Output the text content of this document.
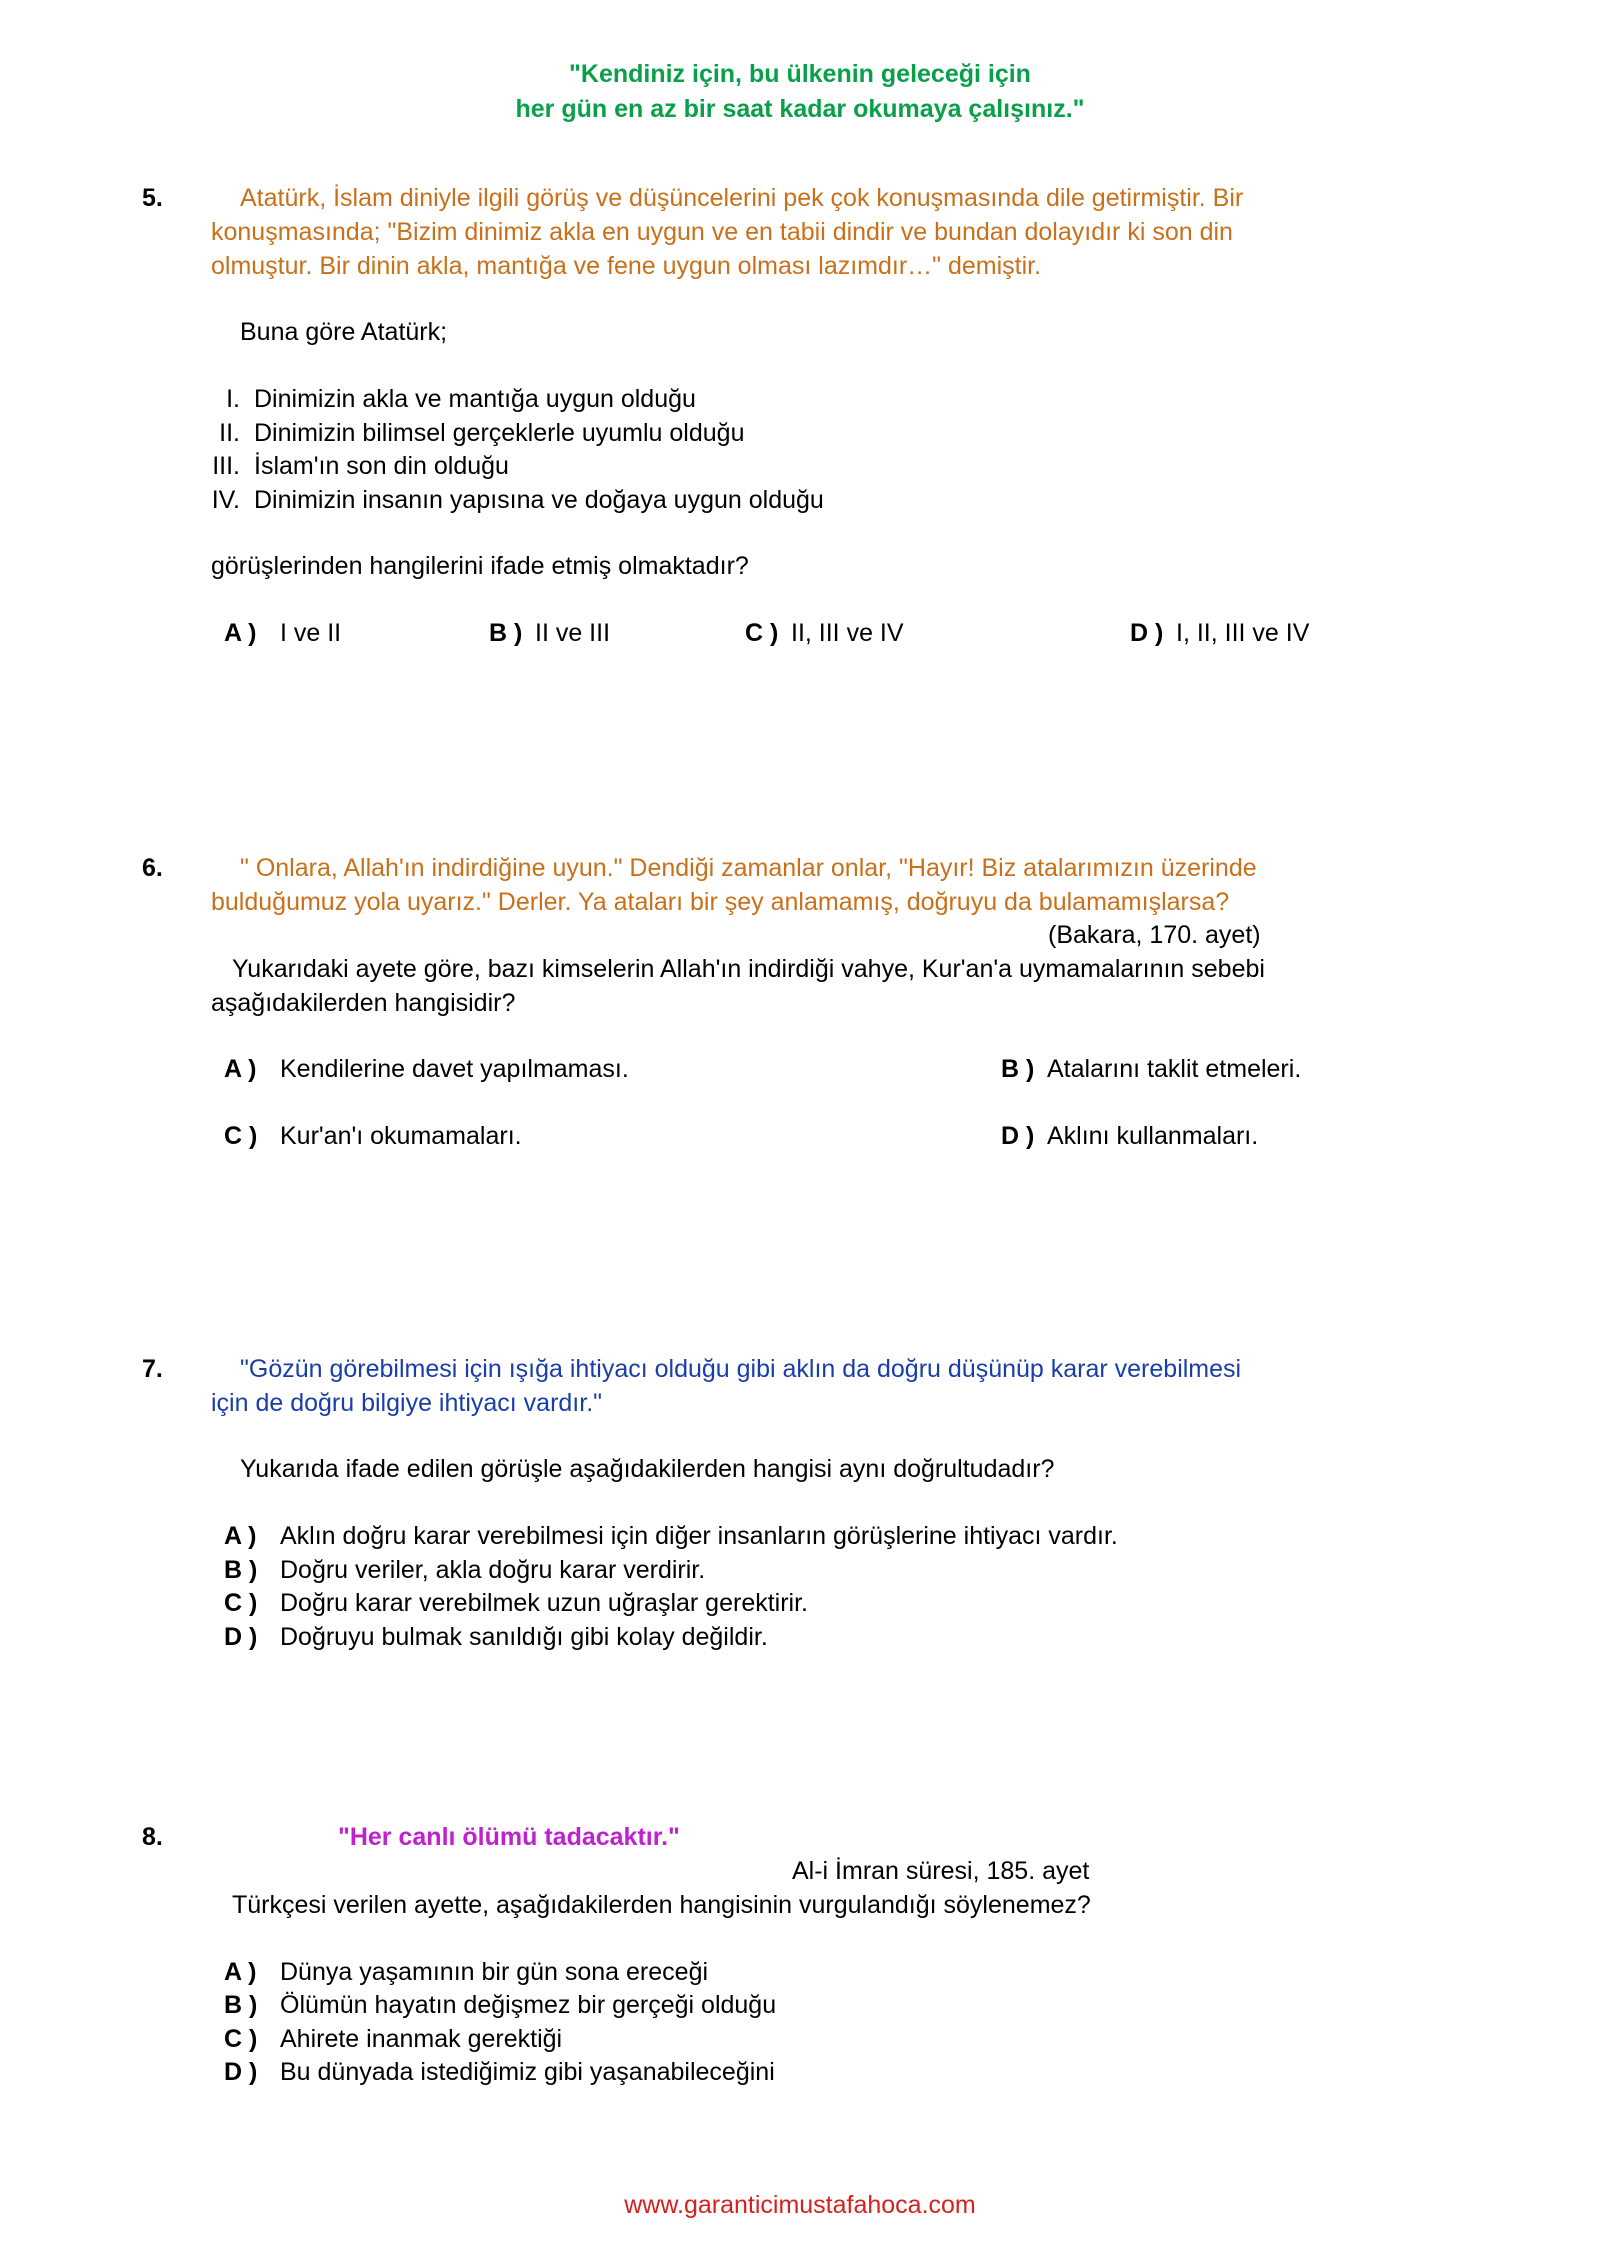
"Kendiniz için, bu ülkenin geleceği için
her gün en az bir saat kadar okumaya çalışınız."
5.	Atatürk, İslam diniyle ilgili görüş ve düşüncelerini pek çok konuşmasında dile getirmiştir. Bir
konuşmasında; "Bizim dinimiz akla en uygun ve en tabii dindir ve bundan dolayıdır ki son din
olmuştur. Bir dinin akla, mantığa ve fene uygun olması lazımdır…" demiştir.
Buna göre Atatürk;
I. Dinimizin akla ve mantığa uygun olduğu
II. Dinimizin bilimsel gerçeklerle uyumlu olduğu
III. İslam'ın son din olduğu
IV. Dinimizin insanın yapısına ve doğaya uygun olduğu
görüşlerinden hangilerini ifade etmiş olmaktadır?
A ) I ve II	B ) II ve III	C ) II, III ve IV	D ) I, II, III ve IV
6.	" Onlara, Allah'ın indirdiğine uyun." Dendiği zamanlar onlar, "Hayır! Biz atalarımızın üzerinde
bulduğumuz yola uyarız." Derler. Ya ataları bir şey anlamamış, doğruyu da bulamamışlarsa?
(Bakara, 170. ayet)
Yukarıdaki ayete göre, bazı kimselerin Allah'ın indirdiği vahye, Kur'an'a uymamalarının sebebi
aşağıdakilerden hangisidir?
A ) Kendilerine davet yapılmaması.	B ) Atalarını taklit etmeleri.
C ) Kur'an'ı okumamaları.	D ) Aklını kullanmaları.
7.	"Gözün görebilmesi için ışığa ihtiyacı olduğu gibi aklın da doğru düşünüp karar verebilmesi
için de doğru bilgiye ihtiyacı vardır."
Yukarıda ifade edilen görüşle aşağıdakilerden hangisi aynı doğrultudadır?
A ) Aklın doğru karar verebilmesi için diğer insanların görüşlerine ihtiyacı vardır.
B ) Doğru veriler, akla doğru karar verdirir.
C ) Doğru karar verebilmek uzun uğraşlar gerektirir.
D ) Doğruyu bulmak sanıldığı gibi kolay değildir.
8.	"Her canlı ölümü tadacaktır."
Al-i İmran süresi, 185. ayet
Türkçesi verilen ayette, aşağıdakilerden hangisinin vurgulandığı söylenemez?
A ) Dünya yaşamının bir gün sona ereceği
B ) Ölümün hayatın değişmez bir gerçeği olduğu
C ) Ahirete inanmak gerektiği
D ) Bu dünyada istediğimiz gibi yaşanabileceğini
www.garanticimustafahoca.com
